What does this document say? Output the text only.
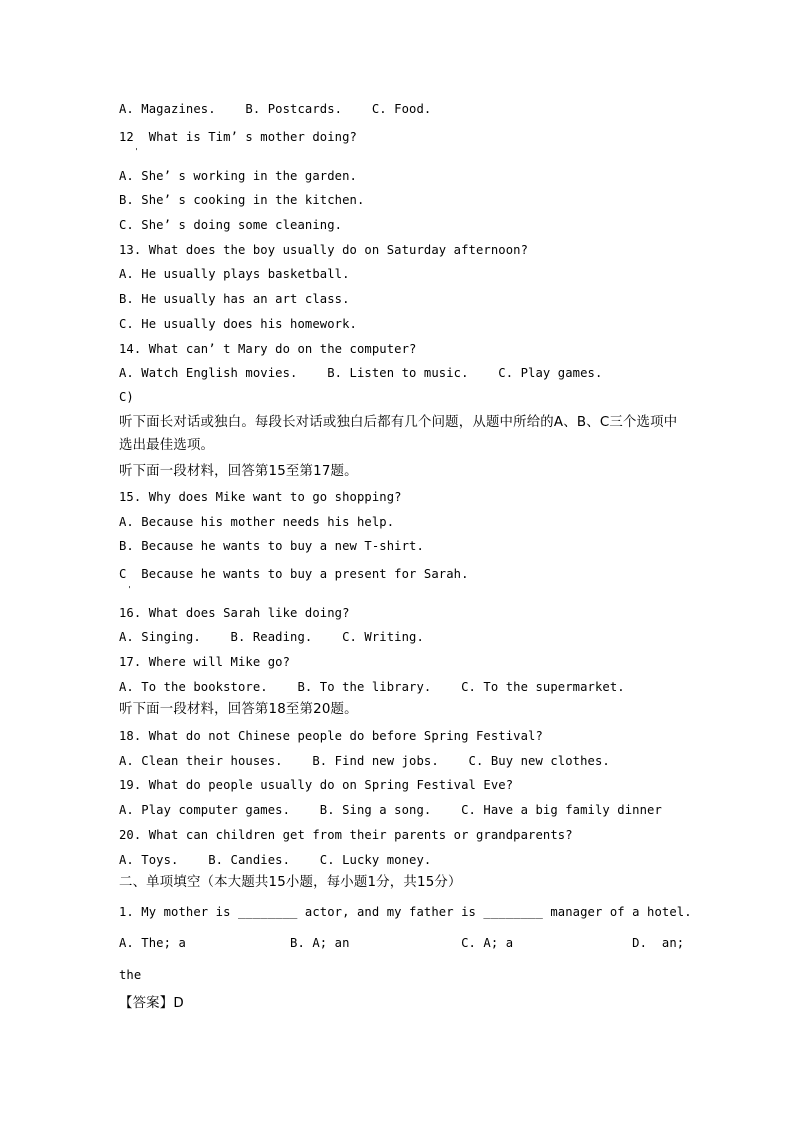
A. Magazines.    B. Postcards.    C. Food.
12  What is Tim’ s mother doing?
'
A. She’ s working in the garden.
B. She’ s cooking in the kitchen.
C. She’ s doing some cleaning.
13. What does the boy usually do on Saturday afternoon?
A. He usually plays basketball.
B. He usually has an art class.
C. He usually does his homework.
14. What can’ t Mary do on the computer?
A. Watch English movies.    B. Listen to music.    C. Play games.
C)
听下面长对话或独白。每段长对话或独白后都有几个问题，从题中所给的A、B、C三个选项中选出最佳选项。
听下面一段材料，回答第15至第17题。
15. Why does Mike want to go shopping?
A. Because his mother needs his help.
B. Because he wants to buy a new T-shirt.
C  Because he wants to buy a present for Sarah.
'
16. What does Sarah like doing?
A. Singing.    B. Reading.    C. Writing.
17. Where will Mike go?
A. To the bookstore.    B. To the library.    C. To the supermarket.
听下面一段材料，回答第18至第20题。
18. What do not Chinese people do before Spring Festival?
A. Clean their houses.    B. Find new jobs.    C. Buy new clothes.
19. What do people usually do on Spring Festival Eve?
A. Play computer games.    B. Sing a song.    C. Have a big family dinner
20. What can children get from their parents or grandparents?
A. Toys.    B. Candies.    C. Lucky money.
二、单项填空（本大题共15小题，每小题1分，共15分）
1. My mother is ________ actor, and my father is ________ manager of a hotel.
A. The; a              B. A; an               C. A; a                D.  an;
the
【答案】D
